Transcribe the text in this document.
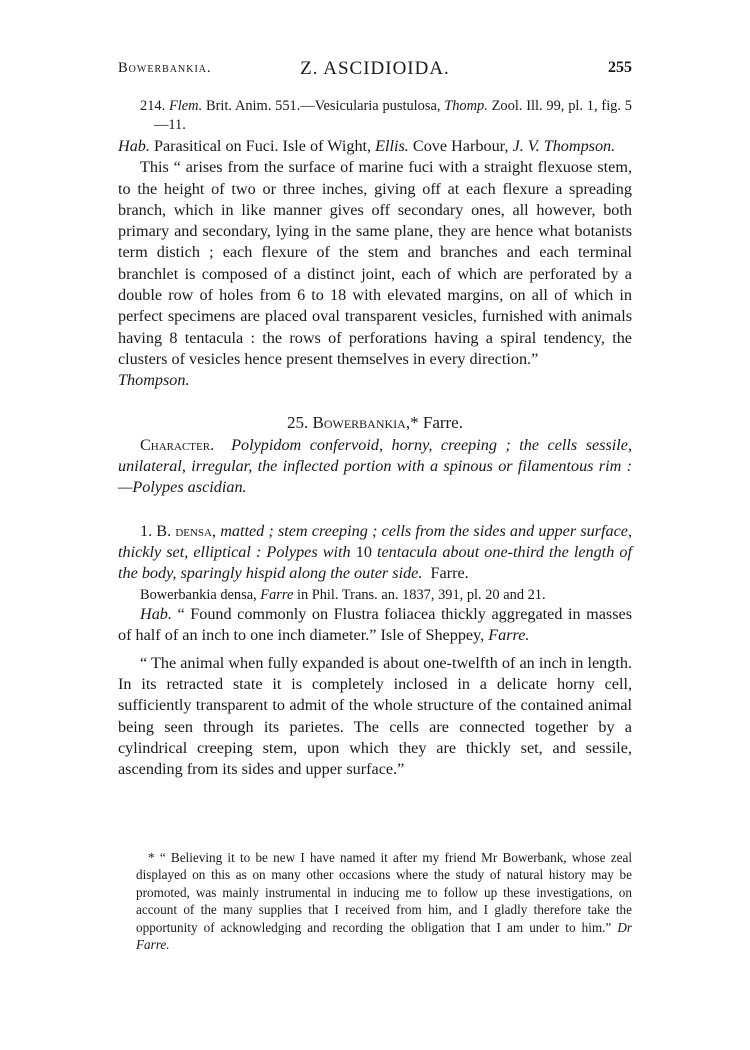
Bowerbankia.	Z. ASCIDIOIDA.	255

214. Flem. Brit. Anim. 551.—Vesicularia pustulosa, Thomp. Zool. Ill. 99, pl. 1, fig. 5—11.

Hab. Parasitical on Fuci. Isle of Wight, Ellis. Cove Harbour, J. V. Thompson.

This “ arises from the surface of marine fuci with a straight flexuose stem, to the height of two or three inches, giving off at each flexure a spreading branch, which in like manner gives off secondary ones, all however, both primary and secondary, lying in the same plane, they are hence what botanists term distich ; each flexure of the stem and branches and each terminal branchlet is composed of a distinct joint, each of which are perforated by a double row of holes from 6 to 18 with elevated margins, on all of which in perfect specimens are placed oval transparent vesicles, furnished with animals having 8 tentacula : the rows of perforations having a spiral tendency, the clusters of vesicles hence present themselves in every direction.”

Thompson.

25. Bowerbankia,* Farre.

Character. Polypidom confervoid, horny, creeping ; the cells sessile, unilateral, irregular, the inflected portion with a spinous or filamentous rim :—Polypes ascidian.

1. B. densa, matted ; stem creeping ; cells from the sides and upper surface, thickly set, elliptical : Polypes with 10 tentacula about one-third the length of the body, sparingly hispid along the outer side. Farre.

Bowerbankia densa, Farre in Phil. Trans. an. 1837, 391, pl. 20 and 21.

Hab. “ Found commonly on Flustra foliacea thickly aggregated in masses of half of an inch to one inch diameter.” Isle of Sheppey, Farre.

“ The animal when fully expanded is about one-twelfth of an inch in length. In its retracted state it is completely inclosed in a delicate horny cell, sufficiently transparent to admit of the whole structure of the contained animal being seen through its parietes. The cells are connected together by a cylindrical creeping stem, upon which they are thickly set, and sessile, ascending from its sides and upper surface.”

* “ Believing it to be new I have named it after my friend Mr Bowerbank, whose zeal displayed on this as on many other occasions where the study of natural history may be promoted, was mainly instrumental in inducing me to follow up these investigations, on account of the many supplies that I received from him, and I gladly therefore take the opportunity of acknowledging and recording the obligation that I am under to him.” Dr Farre.
